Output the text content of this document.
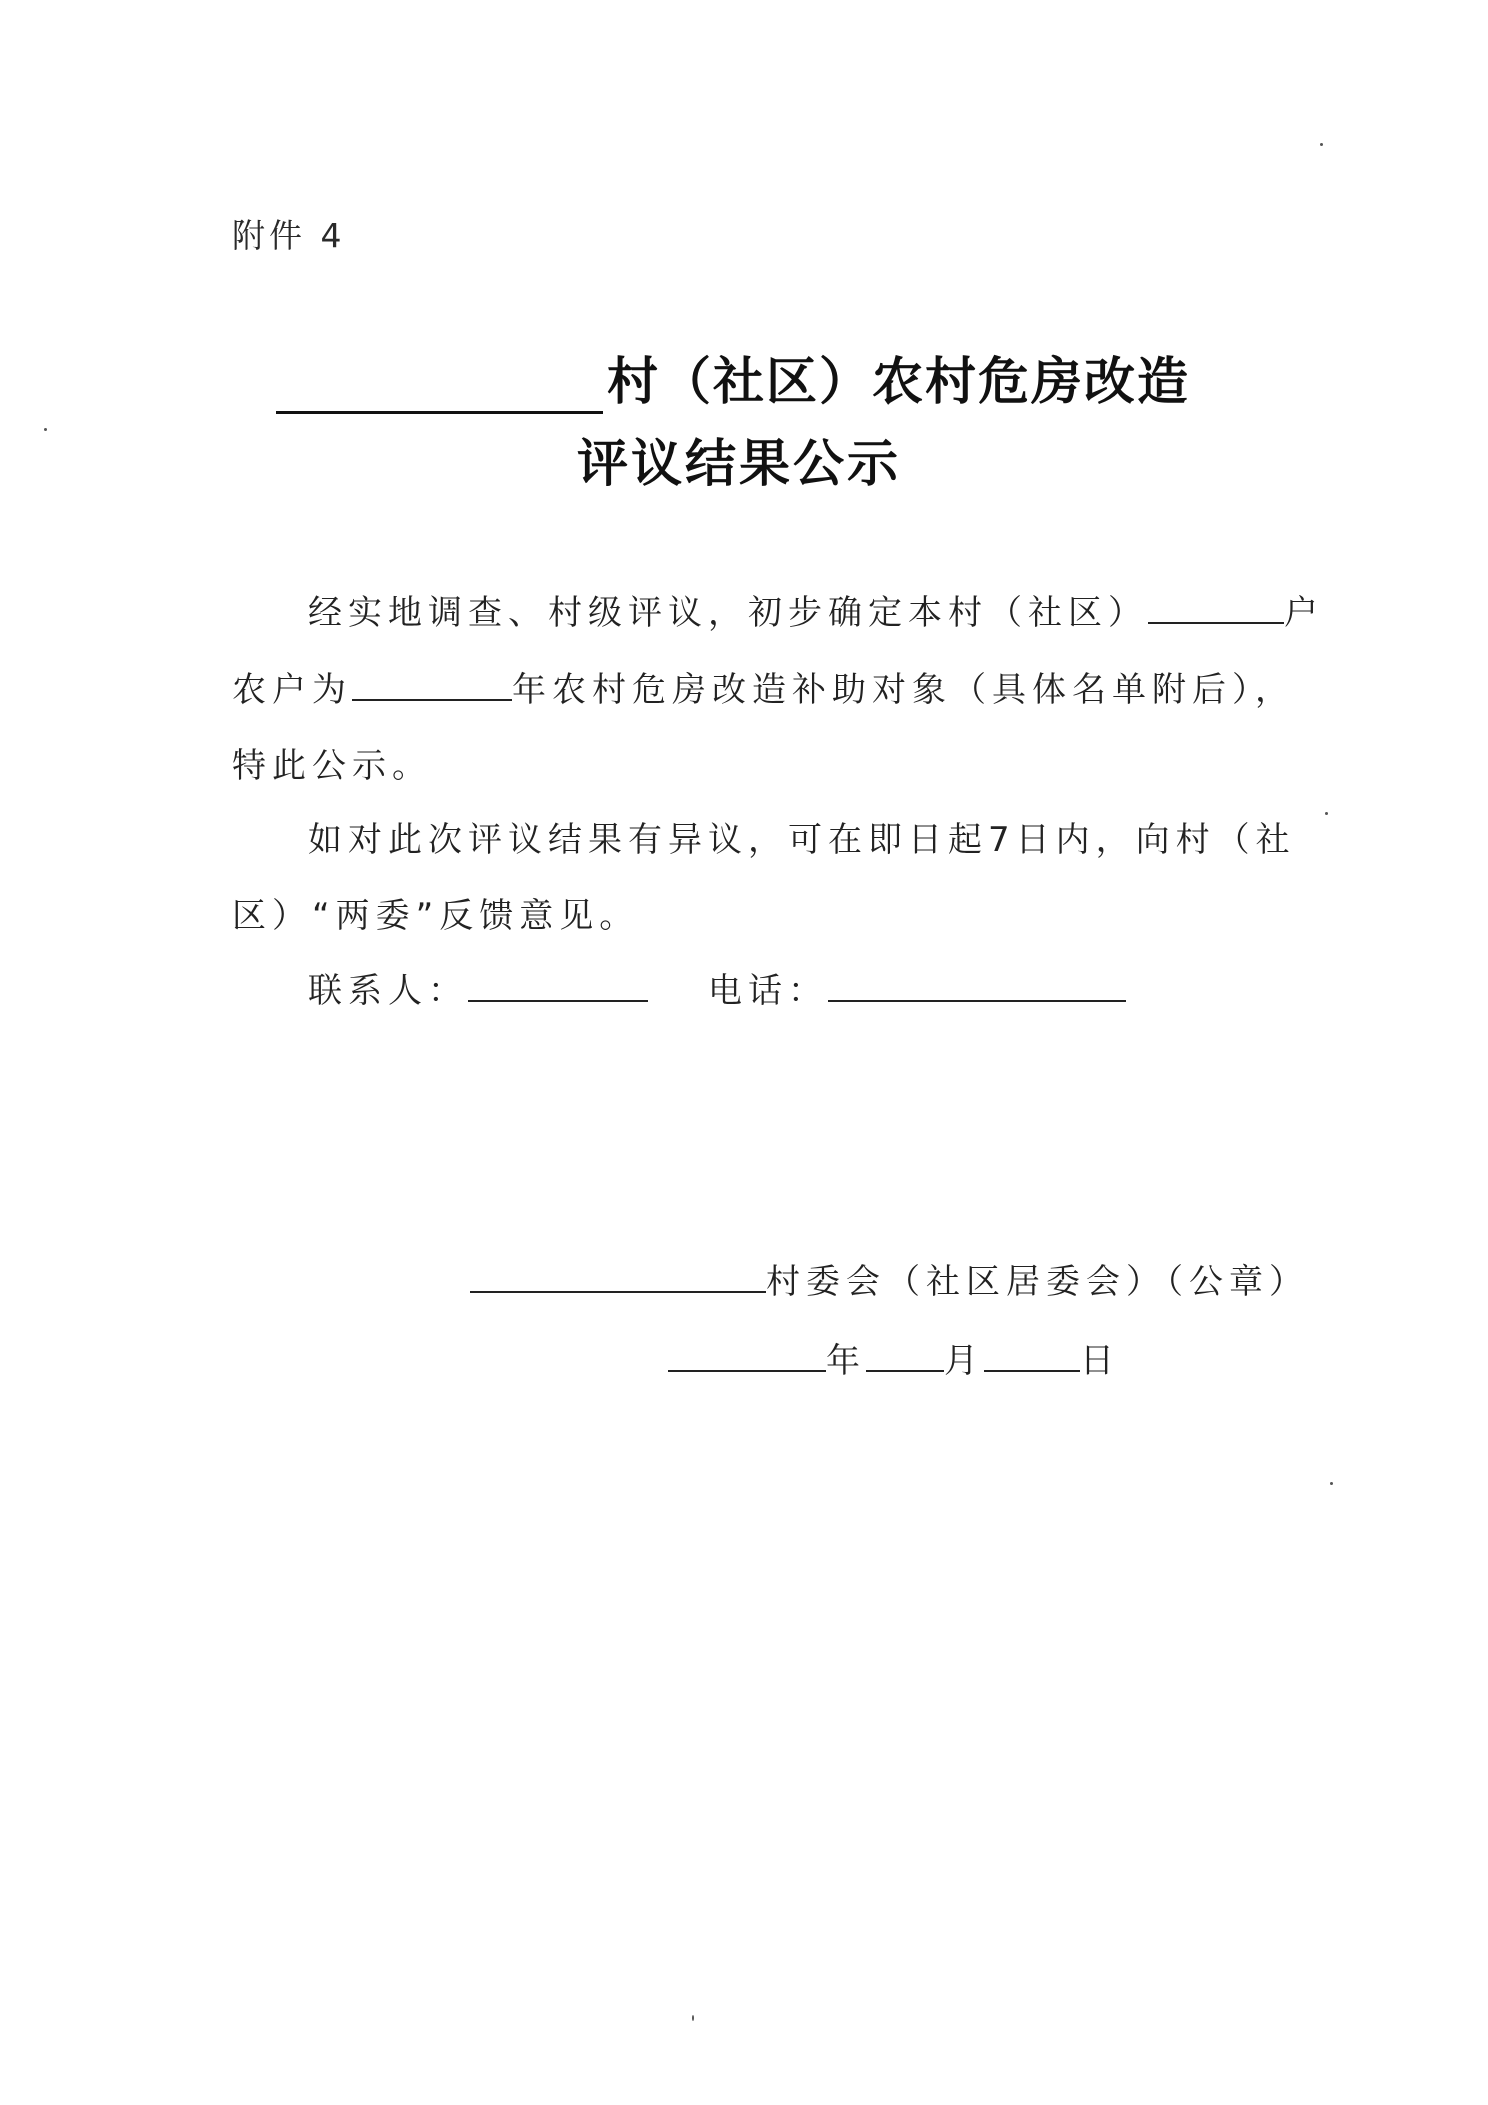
附件 4
村（社区）农村危房改造
评议结果公示
经实地调查、村级评议，初步确定本村（社区）	户
农户为	年农村危房改造补助对象（具体名单附后），
特此公示。
如对此次评议结果有异议，可在即日起7日内，向村（社
区）“两委”反馈意见。
联系人：	电话：
村委会（社区居委会）（公章）
年 月	日
